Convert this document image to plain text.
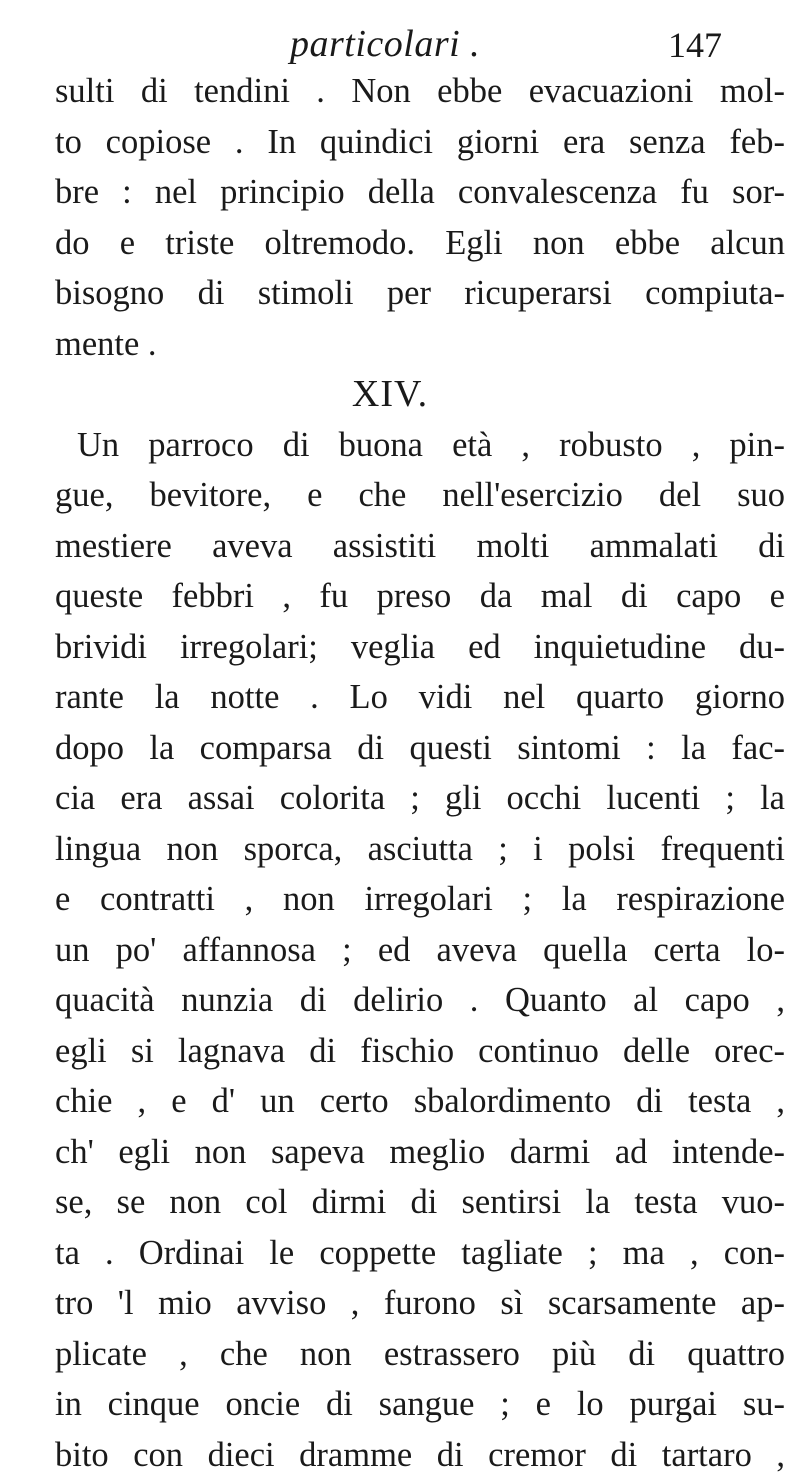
particolari .	147
sulti di tendini . Non ebbe evacuazioni mol-
to copiose . In quindici giorni era senza feb-
bre : nel principio della convalescenza fu sor-
do e triste oltremodo. Egli non ebbe alcun
bisogno di stimoli per ricuperarsi compiuta-
mente .
XIV.
Un parroco di buona età , robusto , pin-
gue, bevitore, e che nell'esercizio del suo
mestiere aveva assistiti molti ammalati di
queste febbri , fu preso da mal di capo e
brividi irregolari; veglia ed inquietudine du-
rante la notte . Lo vidi nel quarto giorno
dopo la comparsa di questi sintomi : la fac-
cia era assai colorita ; gli occhi lucenti ; la
lingua non sporca, asciutta ; i polsi frequenti
e contratti , non irregolari ; la respirazione
un po' affannosa ; ed aveva quella certa lo-
quacità nunzia di delirio . Quanto al capo ,
egli si lagnava di fischio continuo delle orec-
chie , e d' un certo sbalordimento di testa ,
ch' egli non sapeva meglio darmi ad intende-
se, se non col dirmi di sentirsi la testa vuo-
ta . Ordinai le coppette tagliate ; ma , con-
tro 'l mio avviso , furono sì scarsamente ap-
plicate , che non estrassero più di quattro
in cinque oncie di sangue ; e lo purgai su-
bito con dieci dramme di cremor di tartaro ,
